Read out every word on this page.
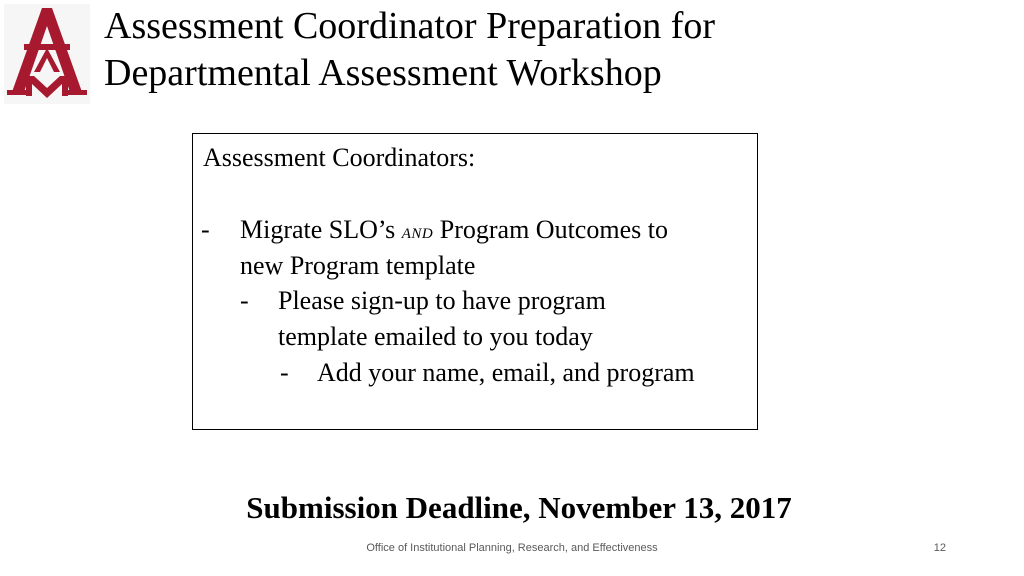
Assessment Coordinator Preparation for
Departmental Assessment Workshop
Assessment Coordinators:
- Migrate SLO’s AND Program Outcomes to
new Program template
- Please sign-up to have program
template emailed to you today
- Add your name, email, and program
Submission Deadline, November 13, 2017
Office of Institutional Planning, Research, and Effectiveness	12
